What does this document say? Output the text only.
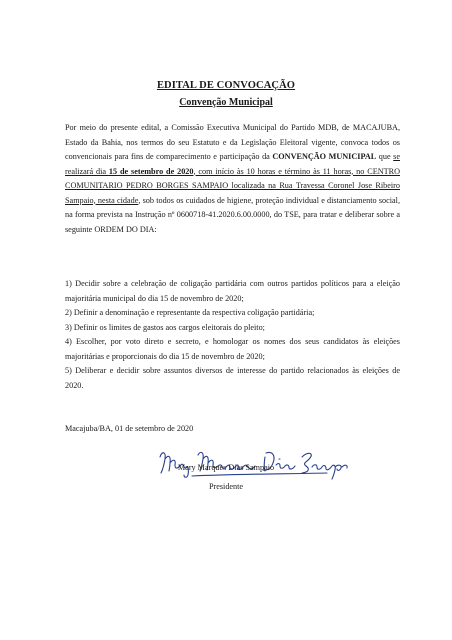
EDITAL DE CONVOCAÇÃO
Convenção Municipal
Por meio do presente edital, a Comissão Executiva Municipal do Partido MDB, de MACAJUBA, Estado da Bahia, nos termos do seu Estatuto e da Legislação Eleitoral vigente, convoca todos os convencionais para fins de comparecimento e participação da CONVENÇÃO MUNICIPAL que se realizará dia 15 de setembro de 2020, com início às 10 horas e término às 11 horas, no CENTRO COMUNITARIO PEDRO BORGES SAMPAIO localizada na Rua Travessa Coronel Jose Ribeiro Sampaio, nesta cidade, sob todos os cuidados de higiene, proteção individual e distanciamento social, na forma prevista na Instrução nº 0600718-41.2020.6.00.0000, do TSE, para tratar e deliberar sobre a seguinte ORDEM DO DIA:

1) Decidir sobre a celebração de coligação partidária com outros partidos políticos para a eleição majoritária municipal do dia 15 de novembro de 2020;

2) Definir a denominação e representante da respectiva coligação partidária;

3) Definir os limites de gastos aos cargos eleitorais do pleito;

4) Escolher, por voto direto e secreto, e homologar os nomes dos seus candidatos às eleições majoritárias e proporcionais do dia 15 de novembro de 2020;

5) Deliberar e decidir sobre assuntos diversos de interesse do partido relacionados às eleições de 2020.

Macajuba/BA, 01 de setembro de 2020
Mary Marques Dias Sampaio
Presidente
